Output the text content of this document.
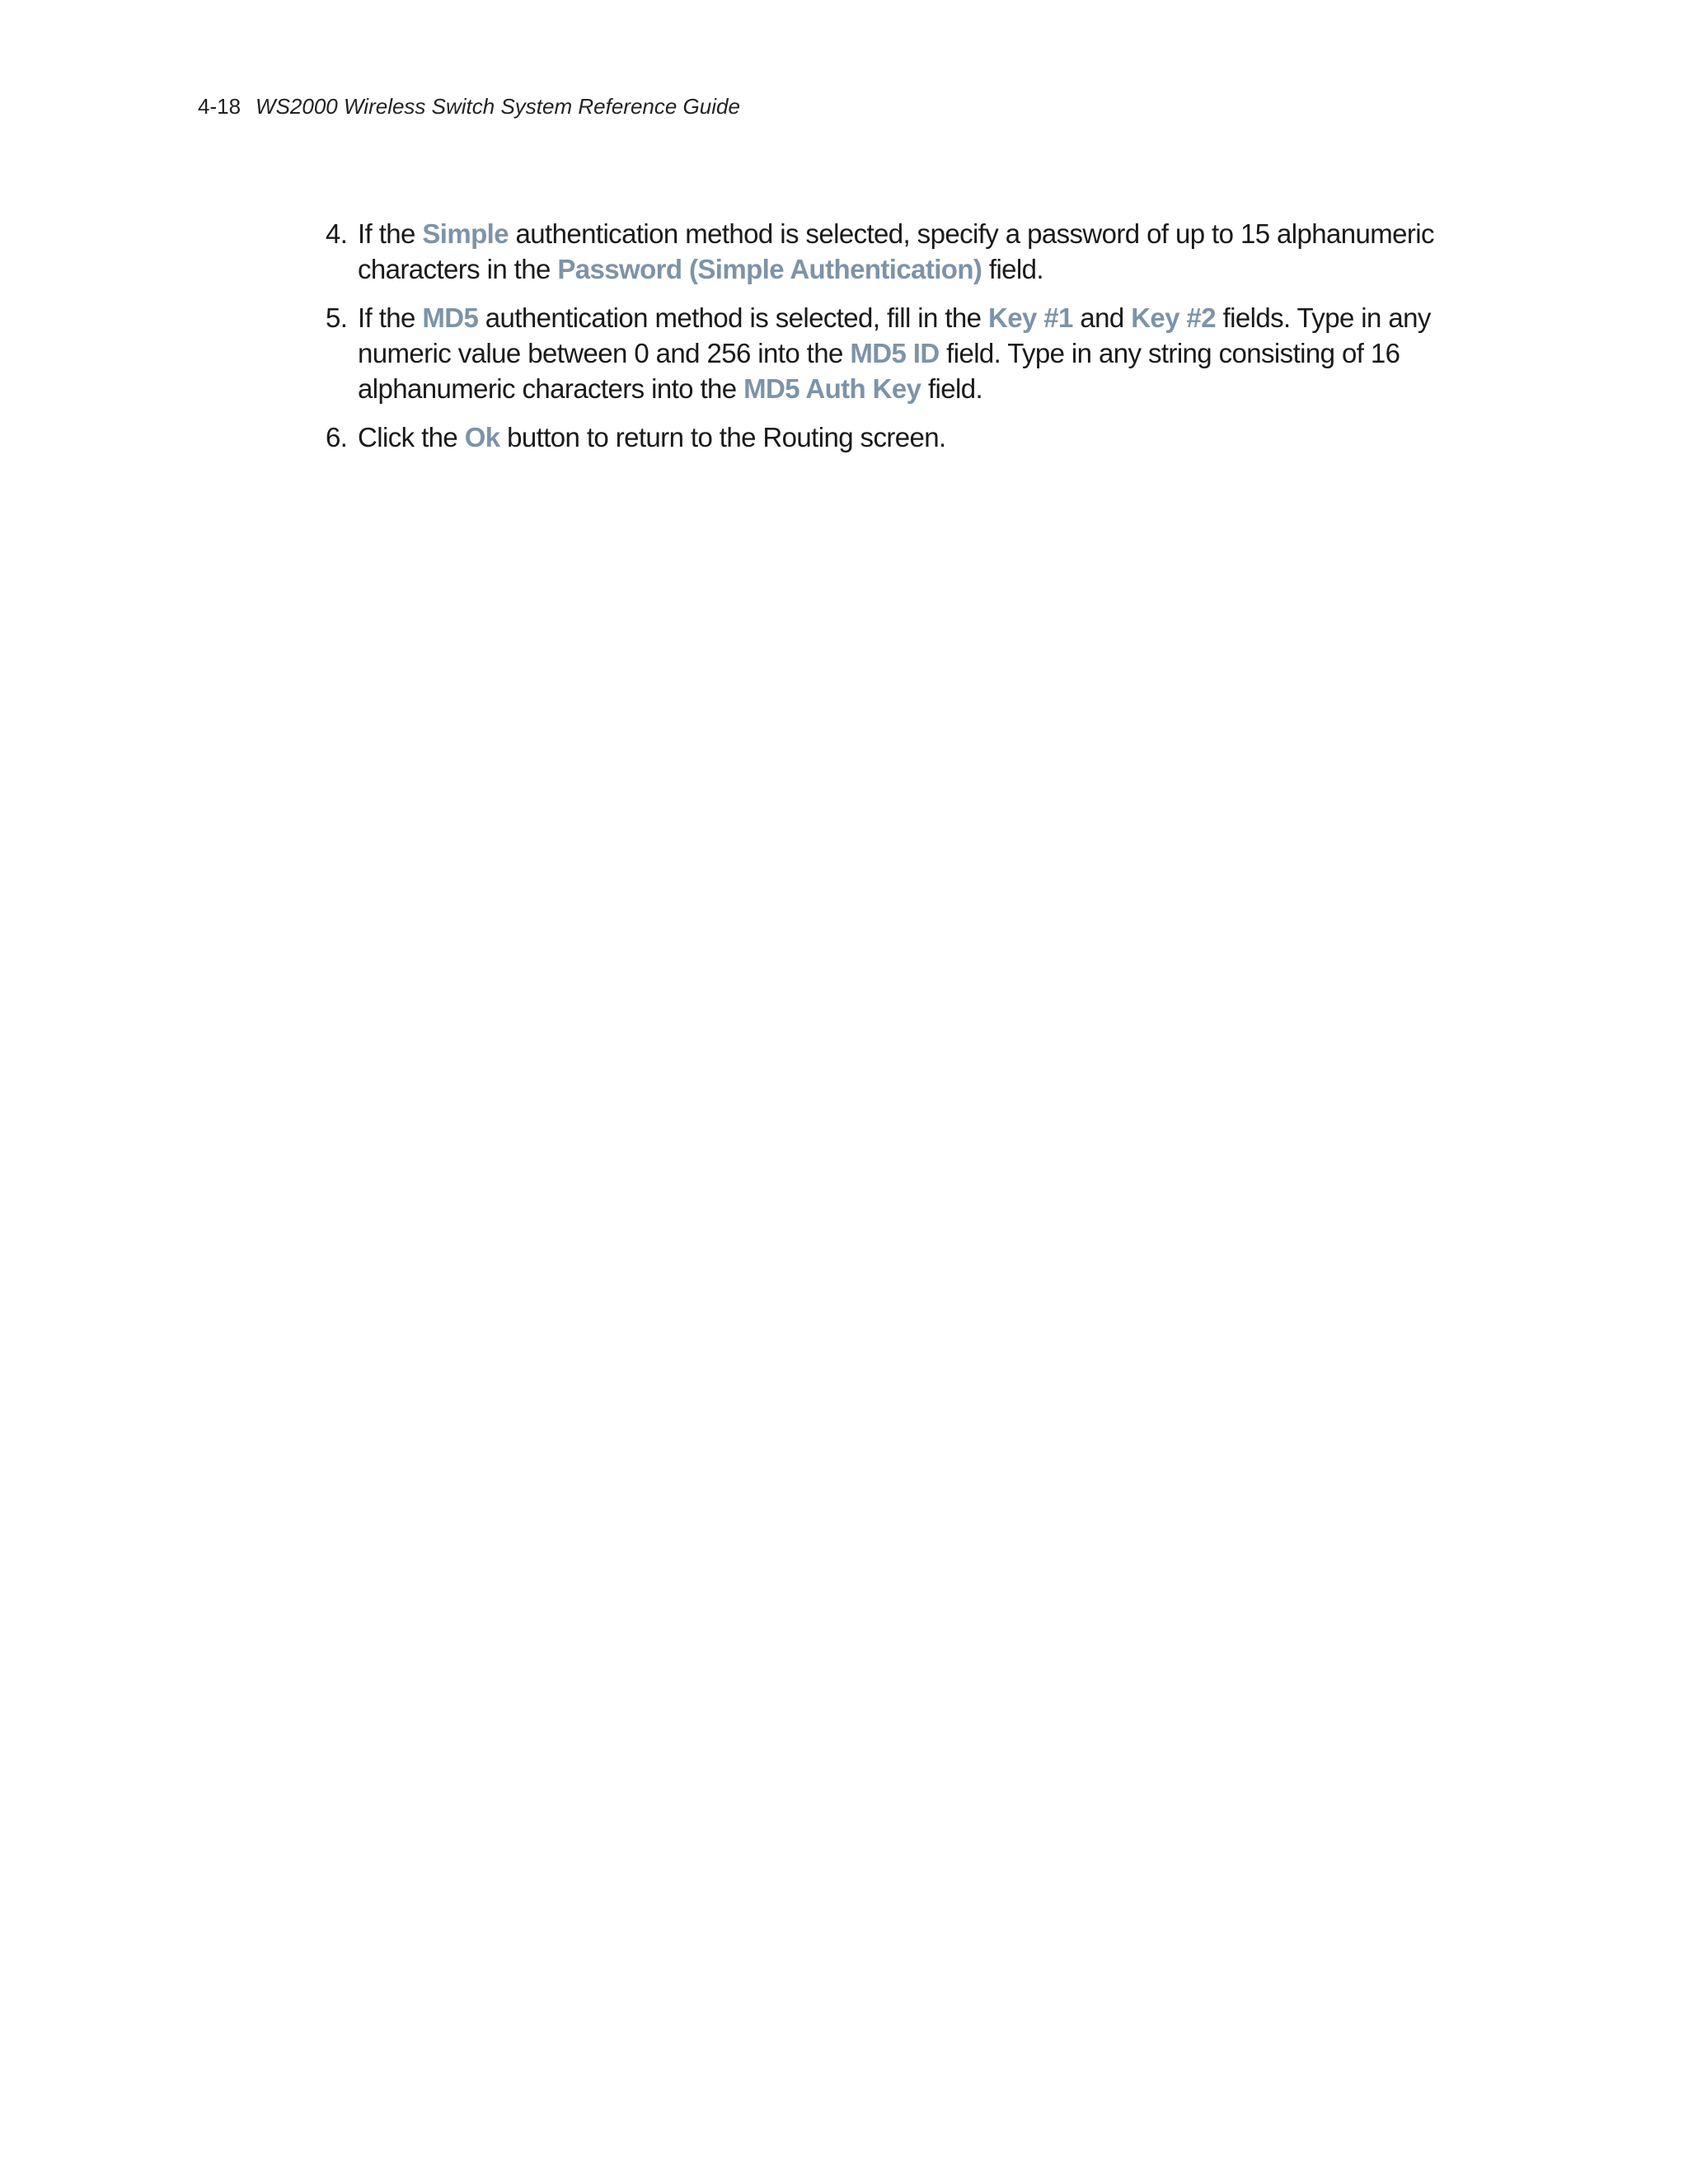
4-18 WS2000 Wireless Switch System Reference Guide
4. If the Simple authentication method is selected, specify a password of up to 15 alphanumeric characters in the Password (Simple Authentication) field.
5. If the MD5 authentication method is selected, fill in the Key #1 and Key #2 fields. Type in any numeric value between 0 and 256 into the MD5 ID field. Type in any string consisting of 16 alphanumeric characters into the MD5 Auth Key field.
6. Click the Ok button to return to the Routing screen.
